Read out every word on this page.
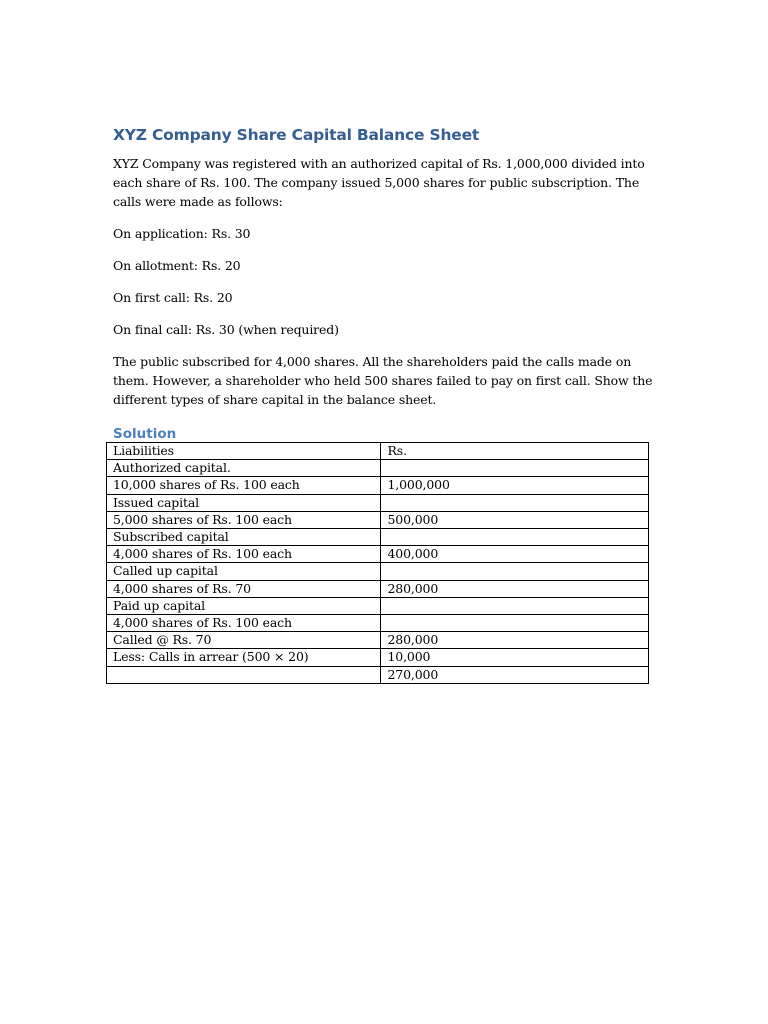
XYZ Company Share Capital Balance Sheet

XYZ Company was registered with an authorized capital of Rs. 1,000,000 divided into each share of Rs. 100. The company issued 5,000 shares for public subscription. The calls were made as follows:

On application: Rs. 30

On allotment: Rs. 20

On first call: Rs. 20

On final call: Rs. 30 (when required)

The public subscribed for 4,000 shares. All the shareholders paid the calls made on them. However, a shareholder who held 500 shares failed to pay on first call. Show the different types of share capital in the balance sheet.

Solution
Liabilities	Rs.
Authorized capital.	
10,000 shares of Rs. 100 each	1,000,000
Issued capital	
5,000 shares of Rs. 100 each	500,000
Subscribed capital	
4,000 shares of Rs. 100 each	400,000
Called up capital	
4,000 shares of Rs. 70	280,000
Paid up capital	
4,000 shares of Rs. 100 each	
Called @ Rs. 70	280,000
Less: Calls in arrear (500 × 20)	10,000
	270,000
